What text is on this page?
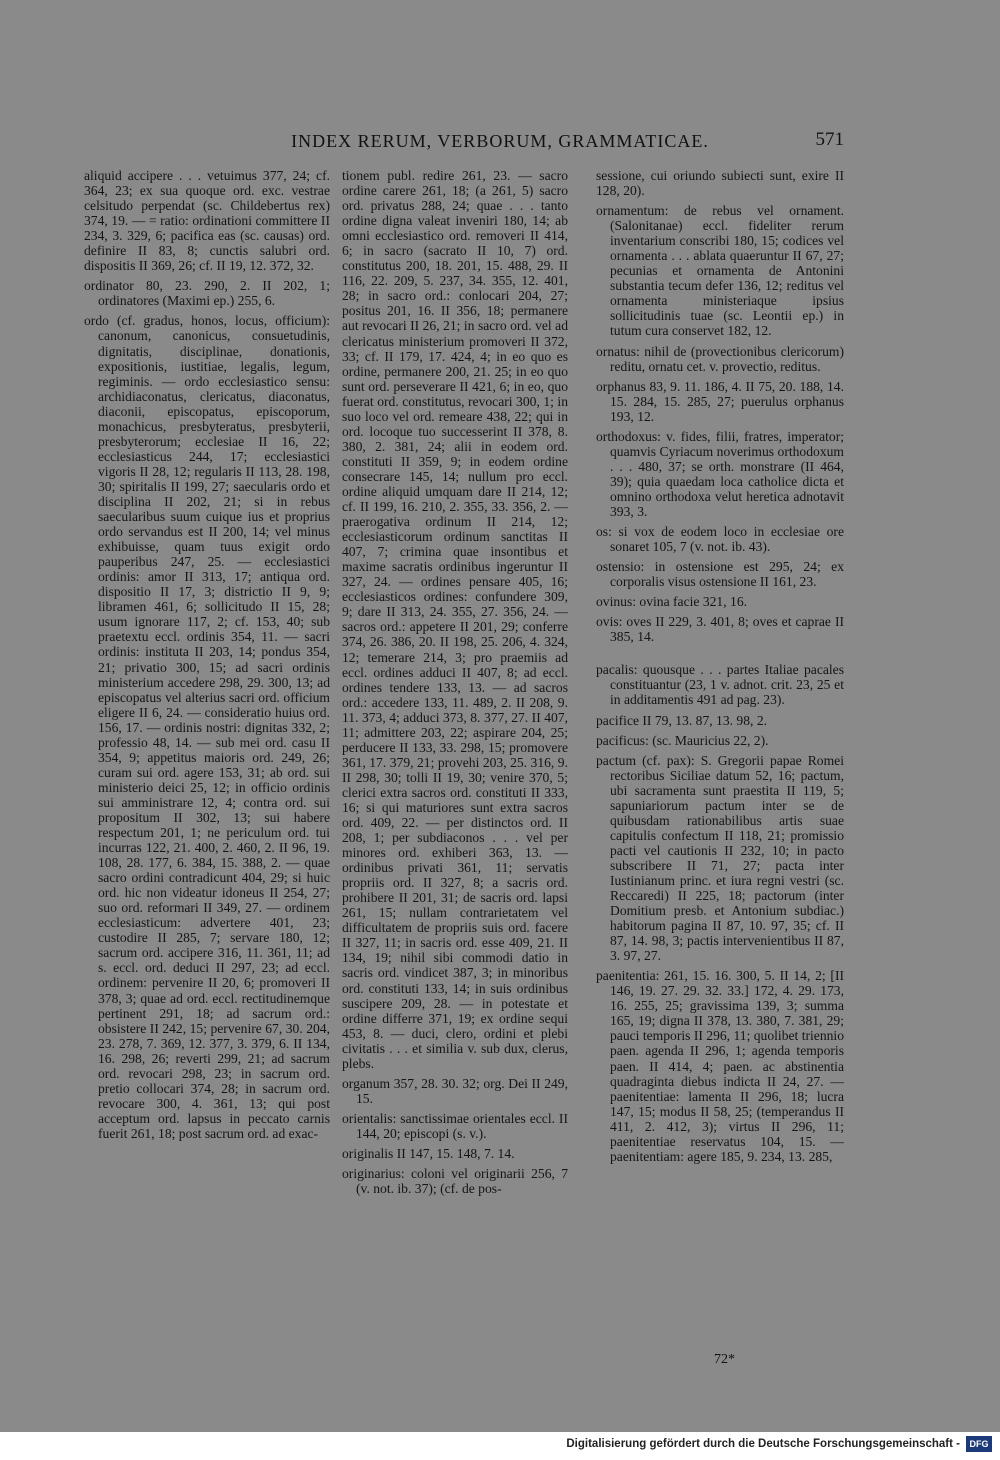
INDEX RERUM, VERBORUM, GRAMMATICAE.	571

aliquid accipere . . . vetuimus 377, 24; cf. 364, 23; ex sua quoque ord. exc. vestrae celsitudo perpendat (sc. Childebertus rex) 374, 19. — = ratio: ordinationi committere II 234, 3. 329, 6; pacifica eas (sc. causas) ord. definire II 83, 8; cunctis salubri ord. dispositis II 369, 26; cf. II 19, 12. 372, 32.

ordinator 80, 23. 290, 2. II 202, 1; ordinatores (Maximi ep.) 255, 6.

ordo (cf. gradus, honos, locus, officium): canonum, canonicus, consuetudinis, dignitatis, disciplinae, donationis, expositionis, iustitiae, legalis, legum, regiminis. — ordo ecclesiastico sensu: archidiaconatus, clericatus, diaconatus, diaconii, episcopatus, episcoporum, monachicus, presbyteratus, presbyterii, presbyterorum; ecclesiae II 16, 22; ecclesiasticus 244, 17; ecclesiastici vigoris II 28, 12; regularis II 113, 28. 198, 30; spiritalis II 199, 27; saecularis ordo et disciplina II 202, 21; si in rebus saecularibus suum cuique ius et proprius ordo servandus est II 200, 14; vel minus exhibuisse, quam tuus exigit ordo pauperibus 247, 25. — ecclesiastici ordinis: amor II 313, 17; antiqua ord. dispositio II 17, 3; districtio II 9, 9; libramen 461, 6; sollicitudo II 15, 28; usum ignorare 117, 2; cf. 153, 40; sub praetextu eccl. ordinis 354, 11. — sacri ordinis: instituta II 203, 14; pondus 354, 21; privatio 300, 15; ad sacri ordinis ministerium accedere 298, 29. 300, 13; ad episcopatus vel alterius sacri ord. officium eligere II 6, 24. — consideratio huius ord. 156, 17. — ordinis nostri: dignitas 332, 2; professio 48, 14. — sub mei ord. casu II 354, 9; appetitus maioris ord. 249, 26; curam sui ord. agere 153, 31; ab ord. sui ministerio deici 25, 12; in officio ordinis sui amministrare 12, 4; contra ord. sui propositum II 302, 13; sui habere respectum 201, 1; ne periculum ord. tui incurras 122, 21. 400, 2. 460, 2. II 96, 19. 108, 28. 177, 6. 384, 15. 388, 2. — quae sacro ordini contradicunt 404, 29; si huic ord. hic non videatur idoneus II 254, 27; suo ord. reformari II 349, 27. — ordinem ecclesiasticum: advertere 401, 23; custodire II 285, 7; servare 180, 12; sacrum ord. accipere 316, 11. 361, 11; ad s. eccl. ord. deduci II 297, 23; ad eccl. ordinem: pervenire II 20, 6; promoveri II 378, 3; quae ad ord. eccl. rectitudinemque pertinent 291, 18; ad sacrum ord.: obsistere II 242, 15; pervenire 67, 30. 204, 23. 278, 7. 369, 12. 377, 3. 379, 6. II 134, 16. 298, 26; reverti 299, 21; ad sacrum ord. revocari 298, 23; in sacrum ord. pretio collocari 374, 28; in sacrum ord. revocare 300, 4. 361, 13; qui post acceptum ord. lapsus in peccato carnis fuerit 261, 18; post sacrum ord. ad exac-

tionem publ. redire 261, 23. — sacro ordine carere 261, 18; (a 261, 5) sacro ord. privatus 288, 24; quae . . . tanto ordine digna valeat inveniri 180, 14; ab omni ecclesiastico ord. removeri II 414, 6; in sacro (sacrato II 10, 7) ord. constitutus 200, 18. 201, 15. 488, 29. II 116, 22. 209, 5. 237, 34. 355, 12. 401, 28; in sacro ord.: conlocari 204, 27; positus 201, 16. II 356, 18; permanere aut revocari II 26, 21; in sacro ord. vel ad clericatus ministerium promoveri II 372, 33; cf. II 179, 17. 424, 4; in eo quo es ordine, permanere 200, 21. 25; in eo quo sunt ord. perseverare II 421, 6; in eo, quo fuerat ord. constitutus, revocari 300, 1; in suo loco vel ord. remeare 438, 22; qui in ord. locoque tuo successerint II 378, 8. 380, 2. 381, 24; alii in eodem ord. constituti II 359, 9; in eodem ordine consecrare 145, 14; nullum pro eccl. ordine aliquid umquam dare II 214, 12; cf. II 199, 16. 210, 2. 355, 33. 356, 2. — praerogativa ordinum II 214, 12; ecclesiasticorum ordinum sanctitas II 407, 7; crimina quae insontibus et maxime sacratis ordinibus ingeruntur II 327, 24. — ordines pensare 405, 16; ecclesiasticos ordines: confundere 309, 9; dare II 313, 24. 355, 27. 356, 24. — sacros ord.: appetere II 201, 29; conferre 374, 26. 386, 20. II 198, 25. 206, 4. 324, 12; temerare 214, 3; pro praemiis ad eccl. ordines adduci II 407, 8; ad eccl. ordines tendere 133, 13. — ad sacros ord.: accedere 133, 11. 489, 2. II 208, 9. 11. 373, 4; adduci 373, 8. 377, 27. II 407, 11; admittere 203, 22; aspirare 204, 25; perducere II 133, 33. 298, 15; promovere 361, 17. 379, 21; provehi 203, 25. 316, 9. II 298, 30; tolli II 19, 30; venire 370, 5; clerici extra sacros ord. constituti II 333, 16; si qui maturiores sunt extra sacros ord. 409, 22. — per distinctos ord. II 208, 1; per subdiaconos . . . vel per minores ord. exhiberi 363, 13. — ordinibus privati 361, 11; servatis propriis ord. II 327, 8; a sacris ord. prohibere II 201, 31; de sacris ord. lapsi 261, 15; nullam contrarietatem vel difficultatem de propriis suis ord. facere II 327, 11; in sacris ord. esse 409, 21. II 134, 19; nihil sibi commodi datio in sacris ord. vindicet 387, 3; in minoribus ord. constituti 133, 14; in suis ordinibus suscipere 209, 28. — in potestate et ordine differre 371, 19; ex ordine sequi 453, 8. — duci, clero, ordini et plebi civitatis . . . et similia v. sub dux, clerus, plebs.

organum 357, 28. 30. 32; org. Dei II 249, 15.

orientalis: sanctissimae orientales eccl. II 144, 20; episcopi (s. v.).

originalis II 147, 15. 148, 7. 14.

originarius: coloni vel originarii 256, 7 (v. not. ib. 37); (cf. de pos-

sessione, cui oriundo subiecti sunt, exire II 128, 20).

ornamentum: de rebus vel ornament. (Salonitanae) eccl. fideliter rerum inventarium conscribi 180, 15; codices vel ornamenta . . . ablata quaeruntur II 67, 27; pecunias et ornamenta de Antonini substantia tecum defer 136, 12; reditus vel ornamenta ministeriaque ipsius sollicitudinis tuae (sc. Leontii ep.) in tutum cura conservet 182, 12.

ornatus: nihil de (provectionibus clericorum) reditu, ornatu cet. v. provectio, reditus.

orphanus 83, 9. 11. 186, 4. II 75, 20. 188, 14. 15. 284, 15. 285, 27; puerulus orphanus 193, 12.

orthodoxus: v. fides, filii, fratres, imperator; quamvis Cyriacum noverimus orthodoxum . . . 480, 37; se orth. monstrare (II 464, 39); quia quaedam loca catholice dicta et omnino orthodoxa velut heretica adnotavit 393, 3.

os: si vox de eodem loco in ecclesiae ore sonaret 105, 7 (v. not. ib. 43).

ostensio: in ostensione est 295, 24; ex corporalis visus ostensione II 161, 23.

ovinus: ovina facie 321, 16.

ovis: oves II 229, 3. 401, 8; oves et caprae II 385, 14.

pacalis: quousque . . . partes Italiae pacales constituantur (23, 1 v. adnot. crit. 23, 25 et in additamentis 491 ad pag. 23).

pacifice II 79, 13. 87, 13. 98, 2.

pacificus: (sc. Mauricius 22, 2).

pactum (cf. pax): S. Gregorii papae Romei rectoribus Siciliae datum 52, 16; pactum, ubi sacramenta sunt praestita II 119, 5; sapuniariorum pactum inter se de quibusdam rationabilibus artis suae capitulis confectum II 118, 21; promissio pacti vel cautionis II 232, 10; in pacto subscribere II 71, 27; pacta inter Iustinianum princ. et iura regni vestri (sc. Reccaredi) II 225, 18; pactorum (inter Domitium presb. et Antonium subdiac.) habitorum pagina II 87, 10. 97, 35; cf. II 87, 14. 98, 3; pactis intervenientibus II 87, 3. 97, 27.

paenitentia: 261, 15. 16. 300, 5. II 14, 2; [II 146, 19. 27. 29. 32. 33.] 172, 4. 29. 173, 16. 255, 25; gravissima 139, 3; summa 165, 19; digna II 378, 13. 380, 7. 381, 29; pauci temporis II 296, 11; quolibet triennio paen. agenda II 296, 1; agenda temporis paen. II 414, 4; paen. ac abstinentia quadraginta diebus indicta II 24, 27. — paenitentiae: lamenta II 296, 18; lucra 147, 15; modus II 58, 25; (temperandus II 411, 2. 412, 3); virtus II 296, 11; paenitentiae reservatus 104, 15. — paenitentiam: agere 185, 9. 234, 13. 285,

72*
Digitalisierung gefördert durch die Deutsche Forschungsgemeinschaft -	DFG
